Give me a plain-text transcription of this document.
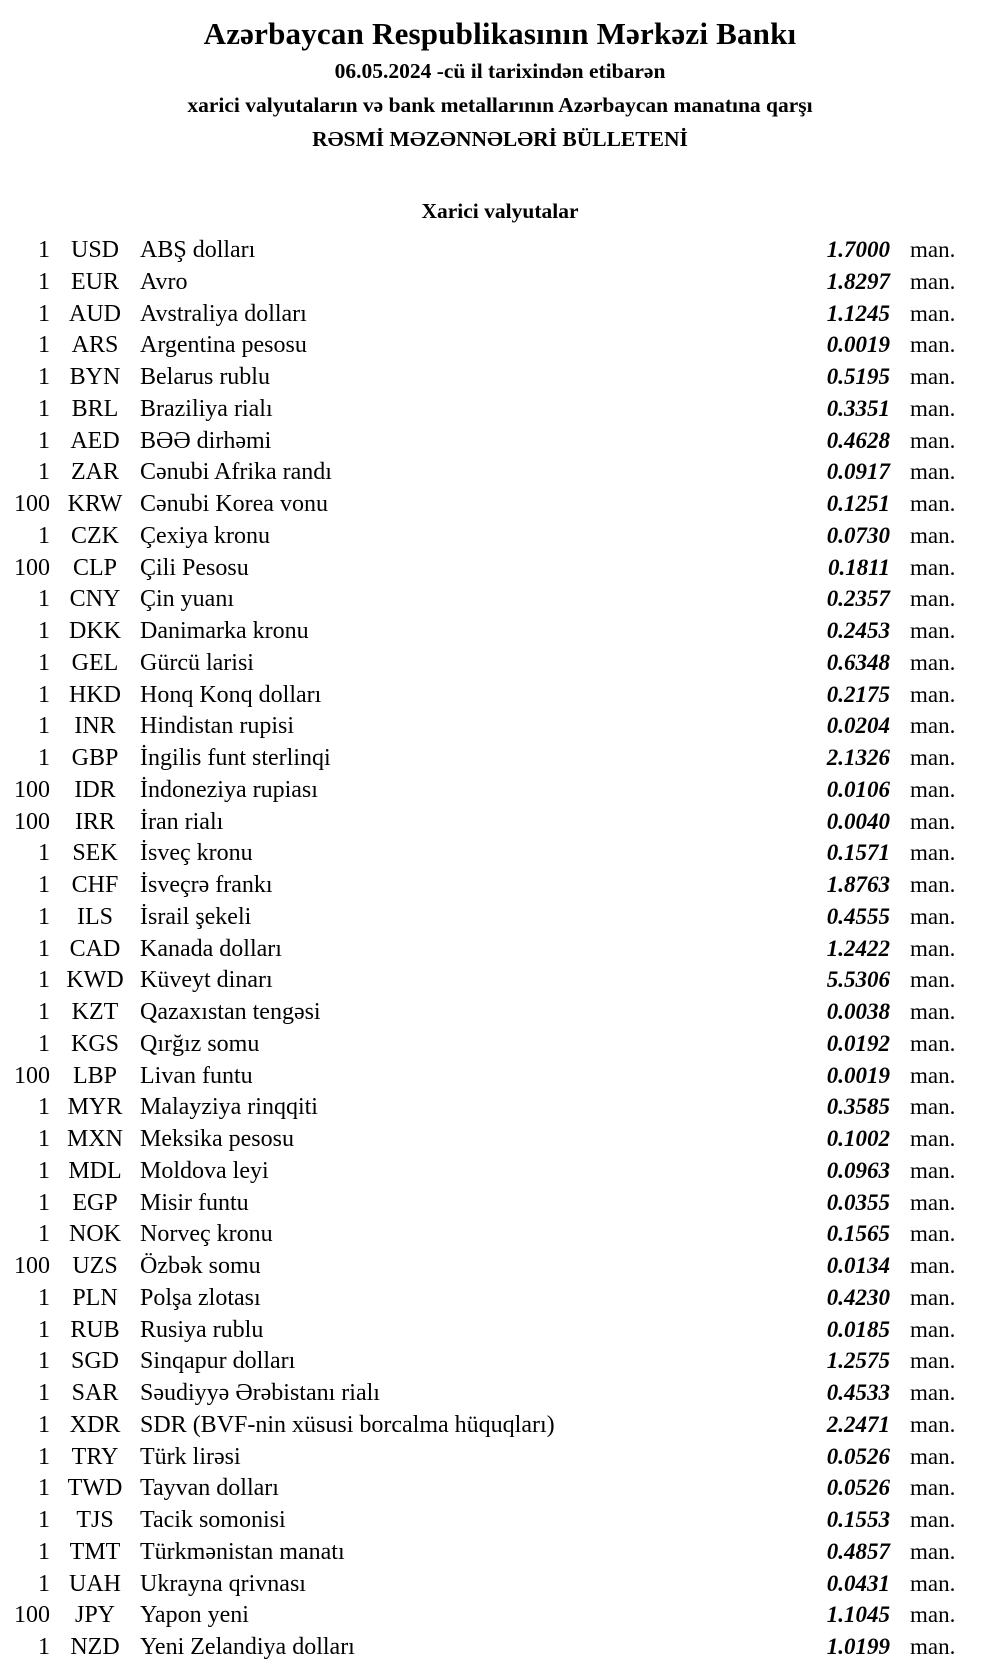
Azərbaycan Respublikasının Mərkəzi Bankı
06.05.2024 -cü il tarixindən etibarən
xarici valyutaların və bank metallarının Azərbaycan manatına qarşı
RƏSMİ MƏZƏNNƏLƏRİ BÜLLETENİ
Xarici valyutalar
1 USD ABŞ dolları	1.7000 man.
1 EUR Avro	1.8297 man.
1 AUD Avstraliya dolları	1.1245 man.
1 ARS Argentina pesosu	0.0019 man.
1 BYN Belarus rublu	0.5195 man.
1 BRL Braziliya rialı	0.3351 man.
1 AED BƏƏ dirhəmi	0.4628 man.
1 ZAR Cənubi Afrika randı	0.0917 man.
100 KRW Cənubi Korea vonu	0.1251 man.
1 CZK Çexiya kronu	0.0730 man.
100 CLP Çili Pesosu	0.1811 man.
1 CNY Çin yuanı	0.2357 man.
1 DKK Danimarka kronu	0.2453 man.
1 GEL Gürcü larisi	0.6348 man.
1 HKD Honq Konq dolları	0.2175 man.
1	INR	Hindistan rupisi	0.0204 man.
1 GBP İngilis funt sterlinqi	2.1326 man.
100	IDR	İndoneziya rupiası	0.0106 man.
100	IRR	İran rialı	0.0040 man.
1 SEK İsveç kronu	0.1571 man.
1 CHF İsveçrə frankı	1.8763 man.
1	ILS	İsrail şekeli	0.4555 man.
1 CAD Kanada dolları	1.2422 man.
1 KWD Küveyt dinarı	5.5306 man.
1 KZT Qazaxıstan tengəsi	0.0038 man.
1 KGS Qırğız somu	0.0192 man.
100 LBP Livan funtu	0.0019 man.
1 MYR Malayziya rinqqiti	0.3585 man.
1 MXN Meksika pesosu	0.1002 man.
1 MDL Moldova leyi	0.0963 man.
1 EGP Misir funtu	0.0355 man.
1 NOK Norveç kronu	0.1565 man.
100 UZS Özbək somu	0.0134 man.
1 PLN Polşa zlotası	0.4230 man.
1 RUB Rusiya rublu	0.0185 man.
1 SGD Sinqapur dolları	1.2575 man.
1 SAR Səudiyyə Ərəbistanı rialı	0.4533 man.
1 XDR SDR (BVF-nin xüsusi borcalma hüquqları)	2.2471 man.
1 TRY Türk lirəsi	0.0526 man.
1 TWD Tayvan dolları	0.0526 man.
1	TJS	Tacik somonisi	0.1553 man.
1 TMT Türkmənistan manatı	0.4857 man.
1 UAH Ukrayna qrivnası	0.0431 man.
100	JPY	Yapon yeni	1.1045 man.
1 NZD Yeni Zelandiya dolları	1.0199 man.
